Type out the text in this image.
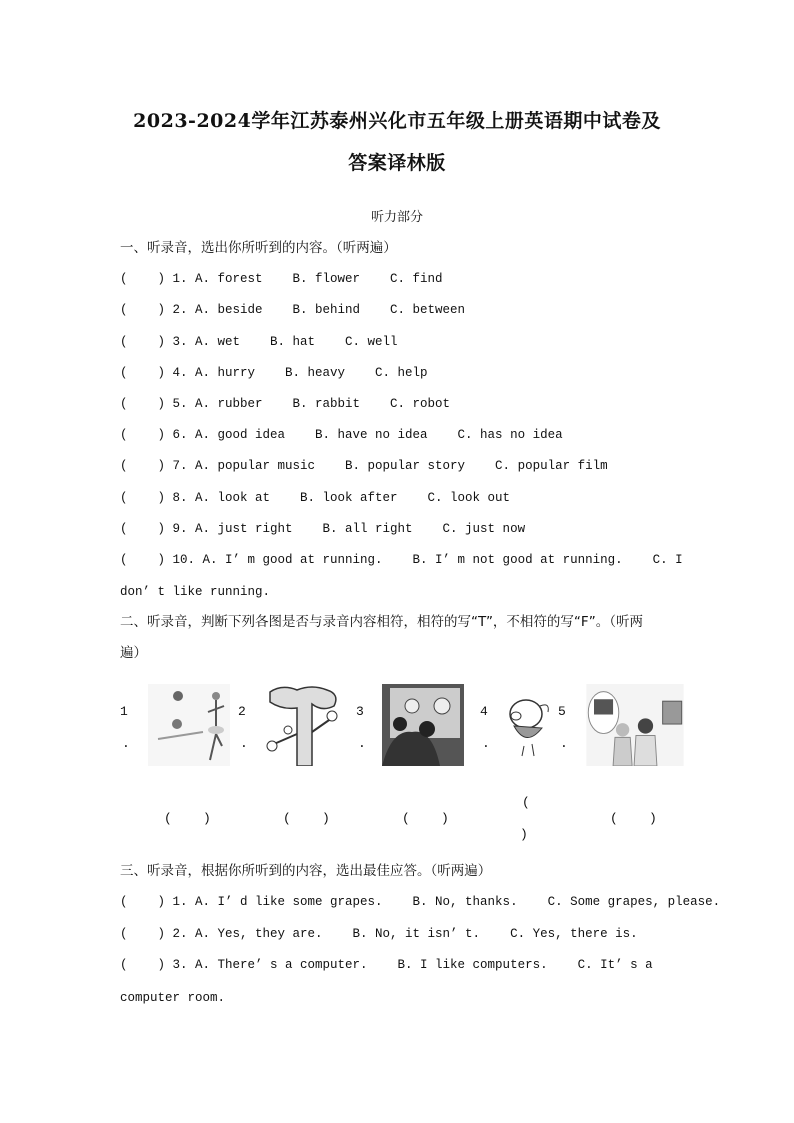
2023-2024学年江苏泰州兴化市五年级上册英语期中试卷及
答案译林版
听力部分
一、听录音，选出你所听到的内容。（听两遍）
(    ) 1. A. forest    B. flower    C. find
(    ) 2. A. beside    B. behind    C. between
(    ) 3. A. wet    B. hat    C. well
(    ) 4. A. hurry    B. heavy    C. help
(    ) 5. A. rubber    B. rabbit    C. robot
(    ) 6. A. good idea    B. have no idea    C. has no idea
(    ) 7. A. popular music    B. popular story    C. popular film
(    ) 8. A. look at    B. look after    C. look out
(    ) 9. A. just right    B. all right    C. just now
(    ) 10. A. I’ m good at running.    B. I’ m not good at running.    C. I
don’ t like running.
二、听录音，判断下列各图是否与录音内容相符，相符的写“T”，不相符的写“F”。（听两
遍）
1
.
2
.
3
.
4
.
5
.
(    )	(    )	(    )
(
)
(    )
三、听录音，根据你所听到的内容，选出最佳应答。（听两遍）
(    ) 1. A. I’ d like some grapes.    B. No, thanks.    C. Some grapes, please.
(    ) 2. A. Yes, they are.    B. No, it isn’ t.    C. Yes, there is.
(    ) 3. A. There’ s a computer.    B. I like computers.    C. It’ s a
computer room.
